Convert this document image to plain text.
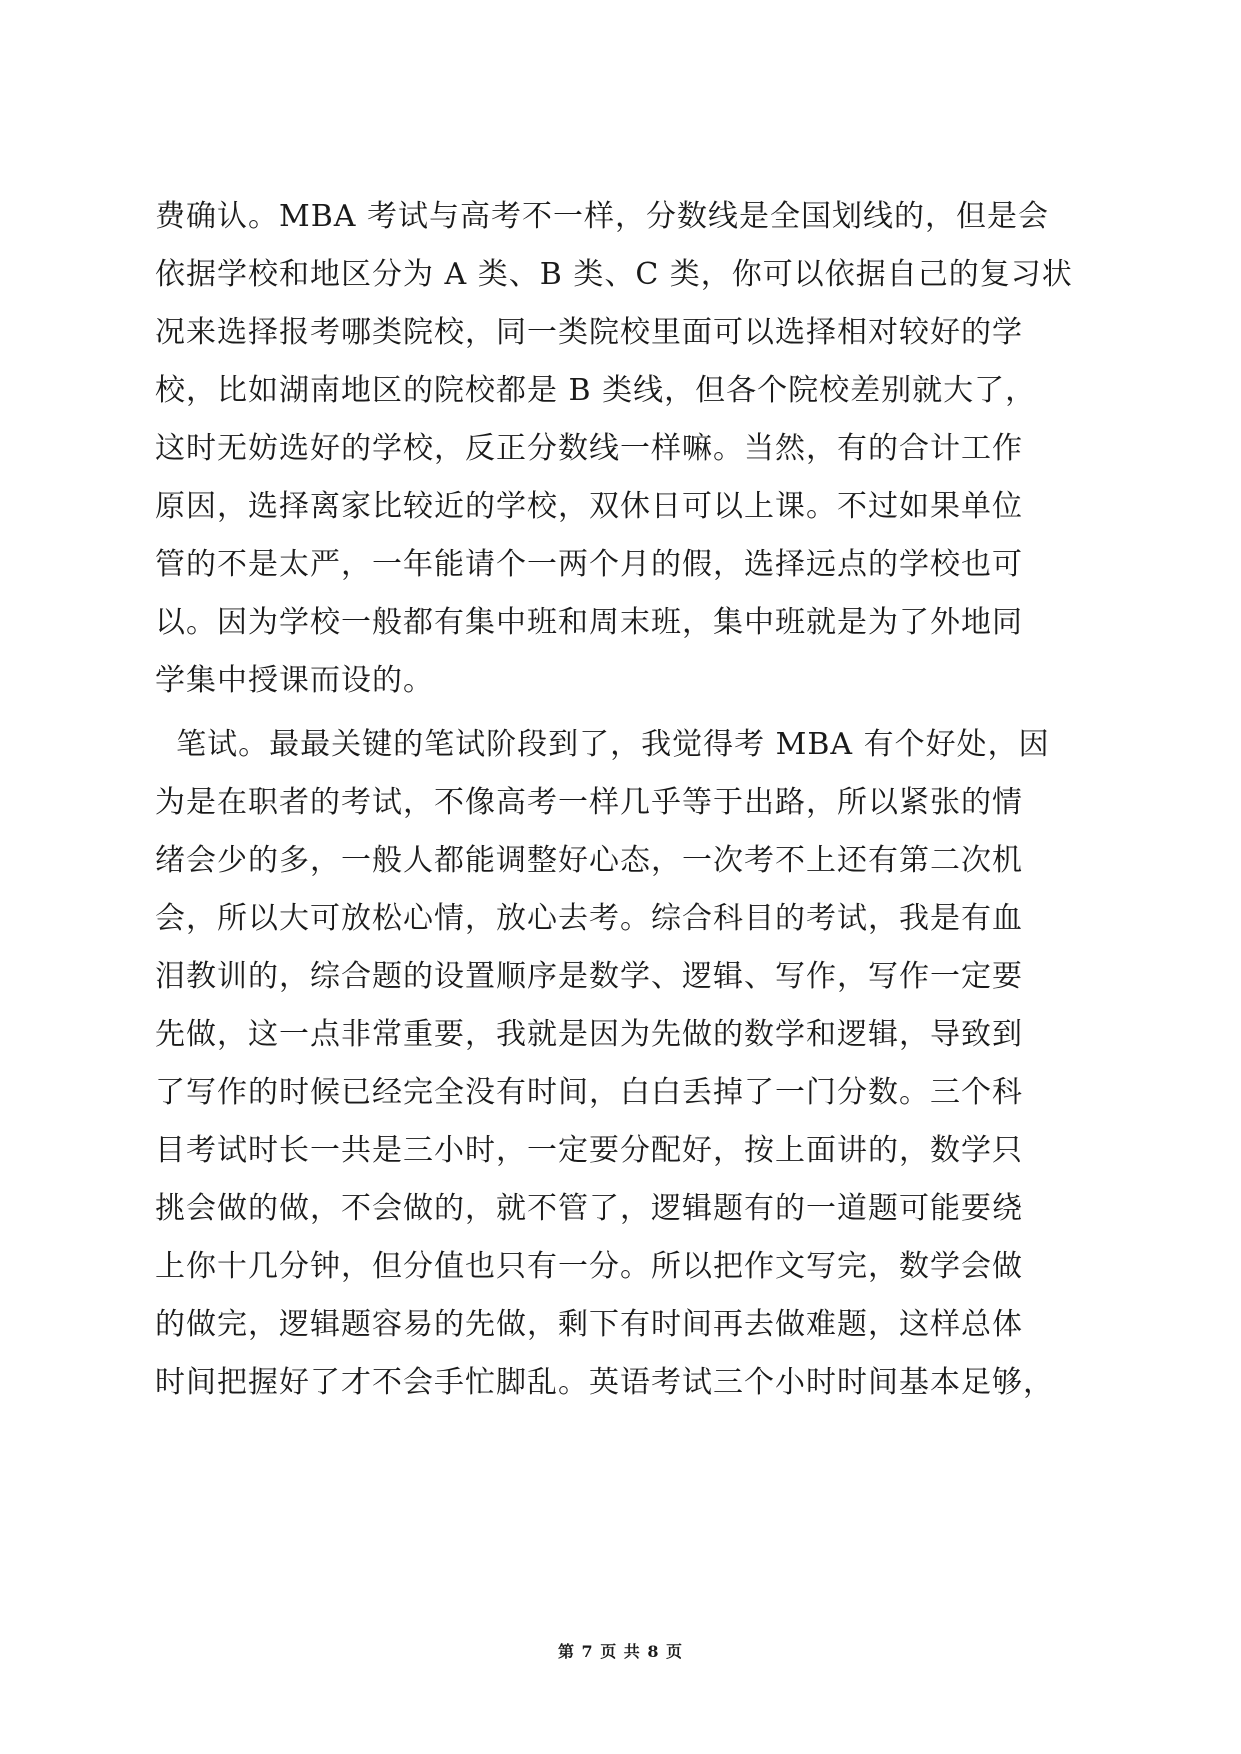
费确认。MBA 考试与高考不一样，分数线是全国划线的，但是会
依据学校和地区分为 A 类、B 类、C 类，你可以依据自己的复习状
况来选择报考哪类院校，同一类院校里面可以选择相对较好的学
校，比如湖南地区的院校都是 B 类线，但各个院校差别就大了，
这时无妨选好的学校，反正分数线一样嘛。当然，有的合计工作
原因，选择离家比较近的学校，双休日可以上课。不过如果单位
管的不是太严，一年能请个一两个月的假，选择远点的学校也可
以。因为学校一般都有集中班和周末班，集中班就是为了外地同
学集中授课而设的。
笔试。最最关键的笔试阶段到了，我觉得考 MBA 有个好处，因
为是在职者的考试，不像高考一样几乎等于出路，所以紧张的情
绪会少的多，一般人都能调整好心态，一次考不上还有第二次机
会，所以大可放松心情，放心去考。综合科目的考试，我是有血
泪教训的，综合题的设置顺序是数学、逻辑、写作，写作一定要
先做，这一点非常重要，我就是因为先做的数学和逻辑，导致到
了写作的时候已经完全没有时间，白白丢掉了一门分数。三个科
目考试时长一共是三小时，一定要分配好，按上面讲的，数学只
挑会做的做，不会做的，就不管了，逻辑题有的一道题可能要绕
上你十几分钟，但分值也只有一分。所以把作文写完，数学会做
的做完，逻辑题容易的先做，剩下有时间再去做难题，这样总体
时间把握好了才不会手忙脚乱。英语考试三个小时时间基本足够，
第 7 页 共 8 页
